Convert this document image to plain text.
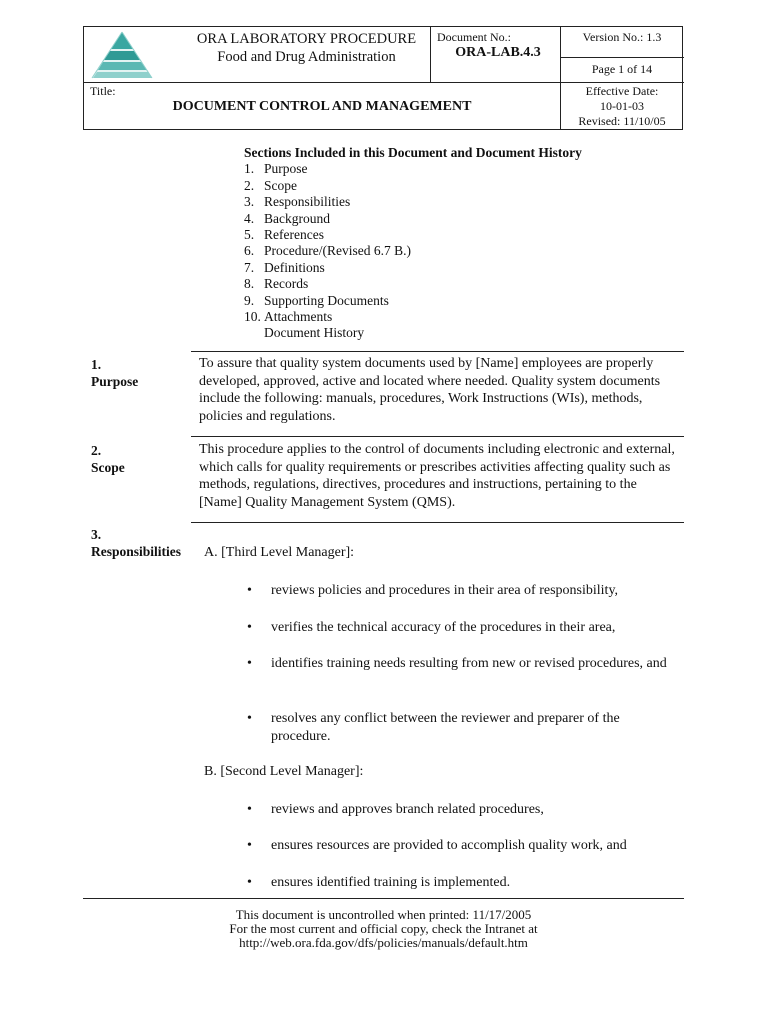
ORA LABORATORY PROCEDURE
Food and Drug Administration
Document No.:
ORA-LAB.4.3
Version No.: 1.3
Page 1 of 14
Title:
DOCUMENT CONTROL AND MANAGEMENT
Effective Date:
10-01-03
Revised: 11/10/05
Sections Included in this Document and Document History
1. Purpose
2. Scope
3. Responsibilities
4. Background
5. References
6. Procedure/(Revised 6.7 B.)
7. Definitions
8. Records
9. Supporting Documents
10. Attachments
Document History
1.
Purpose
To assure that quality system documents used by [Name] employees are properly developed, approved, active and located where needed. Quality system documents include the following: manuals, procedures, Work Instructions (WIs), methods, policies and regulations.
2.
Scope
This procedure applies to the control of documents including electronic and external, which calls for quality requirements or prescribes activities affecting quality such as methods, regulations, directives, procedures and instructions, pertaining to the [Name] Quality Management System (QMS).
3.
Responsibilities A. [Third Level Manager]:
• reviews policies and procedures in their area of responsibility,
• verifies the technical accuracy of the procedures in their area,
• identifies training needs resulting from new or revised procedures, and
• resolves any conflict between the reviewer and preparer of the procedure.
B. [Second Level Manager]:
• reviews and approves branch related procedures,
• ensures resources are provided to accomplish quality work, and
• ensures identified training is implemented.
This document is uncontrolled when printed: 11/17/2005
For the most current and official copy, check the Intranet at
http://web.ora.fda.gov/dfs/policies/manuals/default.htm
